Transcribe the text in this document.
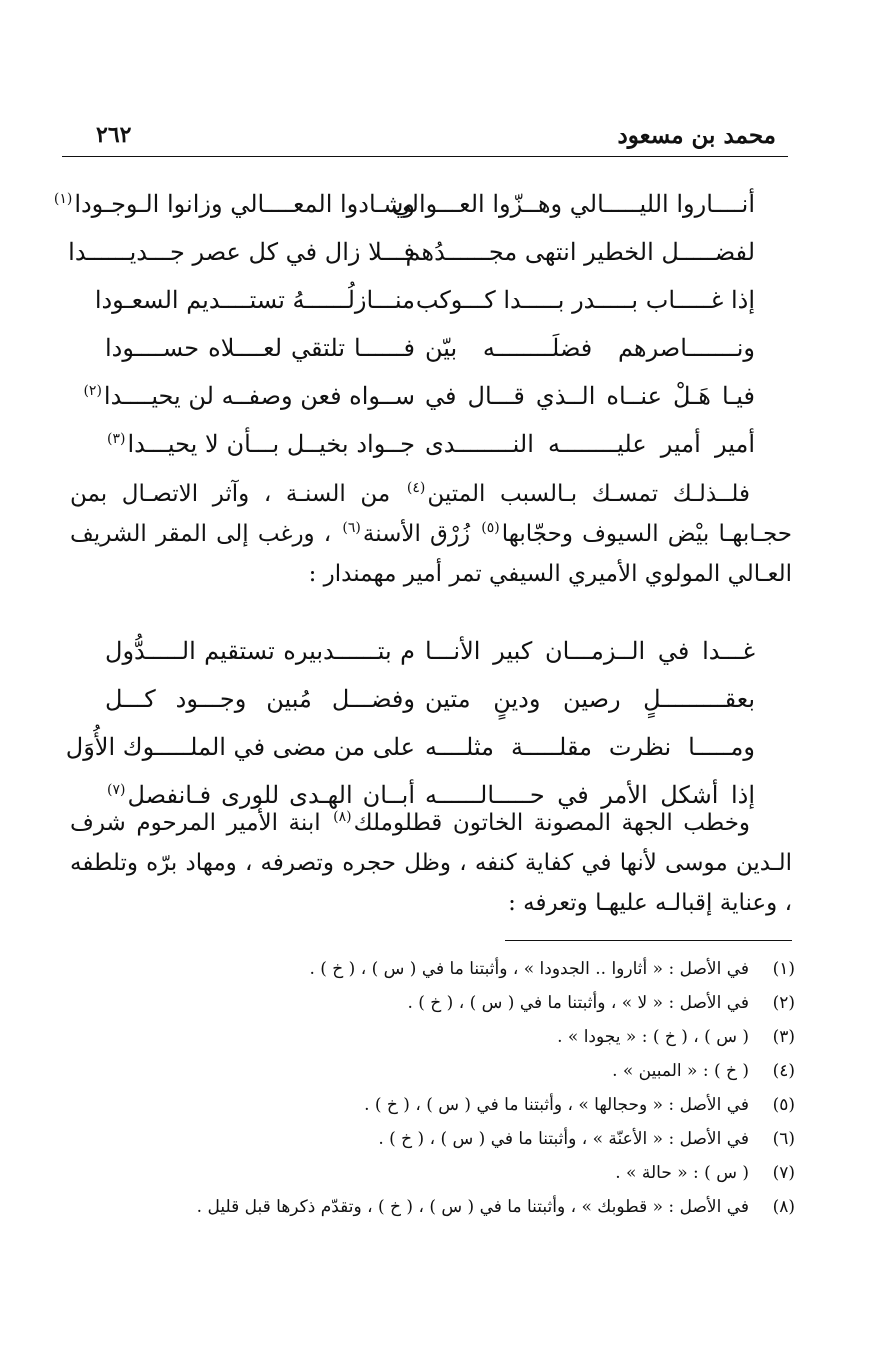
محمد بن مسعود
٢٦٢
أنــــاروا الليـــــالي وهــزّوا العـــوالي
وشـادوا المعــــالي وزانوا الـوجـودا$^{(١)}$
لفضـــــل الخطير انتهى مجــــــدُهم
فـــلا زال في كل عصر جـــديــــــدا
إذا غـــــاب بـــــدر بـــــدا كـــوكب
منـــازلُــــــهُ تستــــديم السعـودا
ونـــــــاصرهم فضلَــــــــه بيّن
فــــــا تلتقي لعــــلاه حســــودا
فيـا هَـلْ عنــاه الــذي قـــال في
ســواه فعن وصفــه لن يحيــــدا$^{(٢)}$
أمير أمير عليــــــــه النــــــــدى
جــواد بخيــل بـــأن لا يحيـــدا$^{(٣)}$
فلــذلـك تمسـك بـالسبب المتين$^{(٤)}$ من السنـة ، وآثر الاتصـال بمن حجـابهـا بيْض السيوف وحجّابها$^{(٥)}$ زُرْق الأسنة$^{(٦)}$ ، ورغب إلى المقر الشريف العـالي المولوي الأميري السيفي تمر أمير مهمندار :
غـــدا في الــزمـــان كبير الأنـــا
م بتــــــدبيره تستقيم الـــــدُّول
بعقـــــــــلٍ رصين ودينٍ متين
وفضـــل مُبين وجـــود كـــل
ومـــــا نظرت مقلـــــة مثلــــه
على من مضى في الملـــــوك الأُوَل
إذا أشكل الأمر في حـــــالــــــه
أبــان الهـدى للورى فـانفصل$^{(٧)}$
وخطب الجهة المصونة الخاتون قطلوملك$^{(٨)}$ ابنة الأمير المرحوم شرف الـدين موسى لأنها في كفاية كنفه ، وظل حجره وتصرفه ، ومهاد برّه وتلطفه ، وعناية إقبالـه عليهـا وتعرفه :
(١)في الأصل : « أثاروا .. الجدودا » ، وأثبتنا ما في ( س ) ، ( خ ) .
(٢)في الأصل : « لا » ، وأثبتنا ما في ( س ) ، ( خ ) .
(٣)( س ) ، ( خ ) : « يجودا » .
(٤)( خ ) : « المبين » .
(٥)في الأصل : « وحجالها » ، وأثبتنا ما في ( س ) ، ( خ ) .
(٦)في الأصل : « الأعنّة » ، وأثبتنا ما في ( س ) ، ( خ ) .
(٧)( س ) : « حالة » .
(٨)في الأصل : « قطوبك » ، وأثبتنا ما في ( س ) ، ( خ ) ، وتقدّم ذكرها قبل قليل .
